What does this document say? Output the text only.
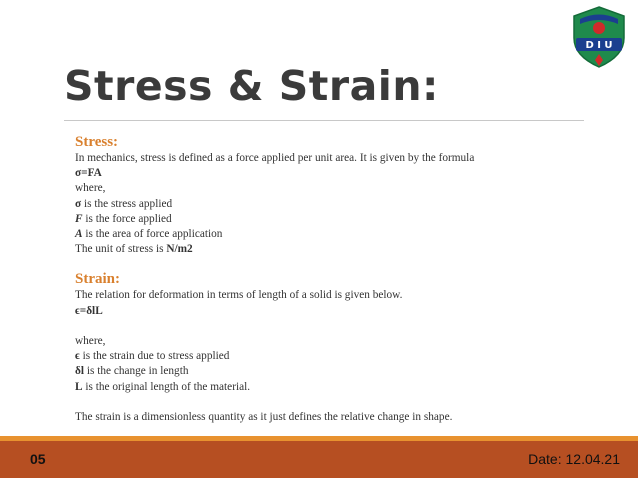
D I U
Stress & Strain:
Stress:
In mechanics, stress is defined as a force applied per unit area. It is given by the formula
σ=FA
where,
σ is the stress applied
F is the force applied
A is the area of force application
The unit of stress is N/m2
Strain:
The relation for deformation in terms of length of a solid is given below.
ϵ=δlL
where,
ϵ is the strain due to stress applied
δl is the change in length
L is the original length of the material.
The strain is a dimensionless quantity as it just defines the relative change in shape.
05	Date: 12.04.21
